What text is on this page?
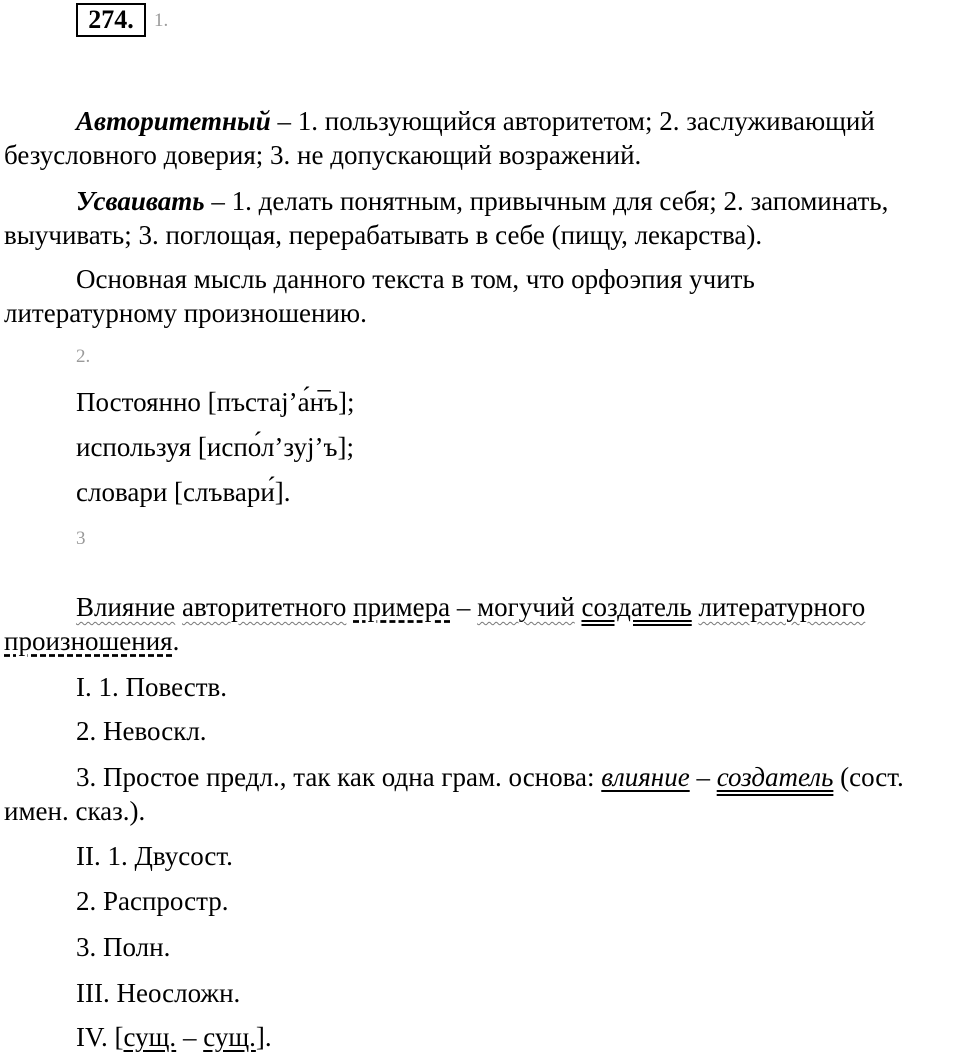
274.	1.
Авторитетный – 1. пользующийся авторитетом; 2. заслуживающий
безусловного доверия; 3. не допускающий возражений.
Усваивать – 1. делать понятным, привычным для себя; 2. запоминать,
выучивать; 3. поглощая, перерабатывать в себе (пищу, лекарства).
Основная мысль данного текста в том, что орфоэпия учить
литературному произношению.
2.
Постоянно [пъстаj’а́н̅ъ];
используя [испо́л’зуj’ъ];
словари [слъвари́].
3
Влияние авторитетного примера – могучий создатель литературного
произношения.
I. 1. Повеств.
2. Невоскл.
3. Простое предл., так как одна грам. основа: влияние – создатель (сост.
имен. сказ.).
II. 1. Двусост.
2. Распростр.
3. Полн.
III. Неосложн.
IV. [сущ. – сущ.].
